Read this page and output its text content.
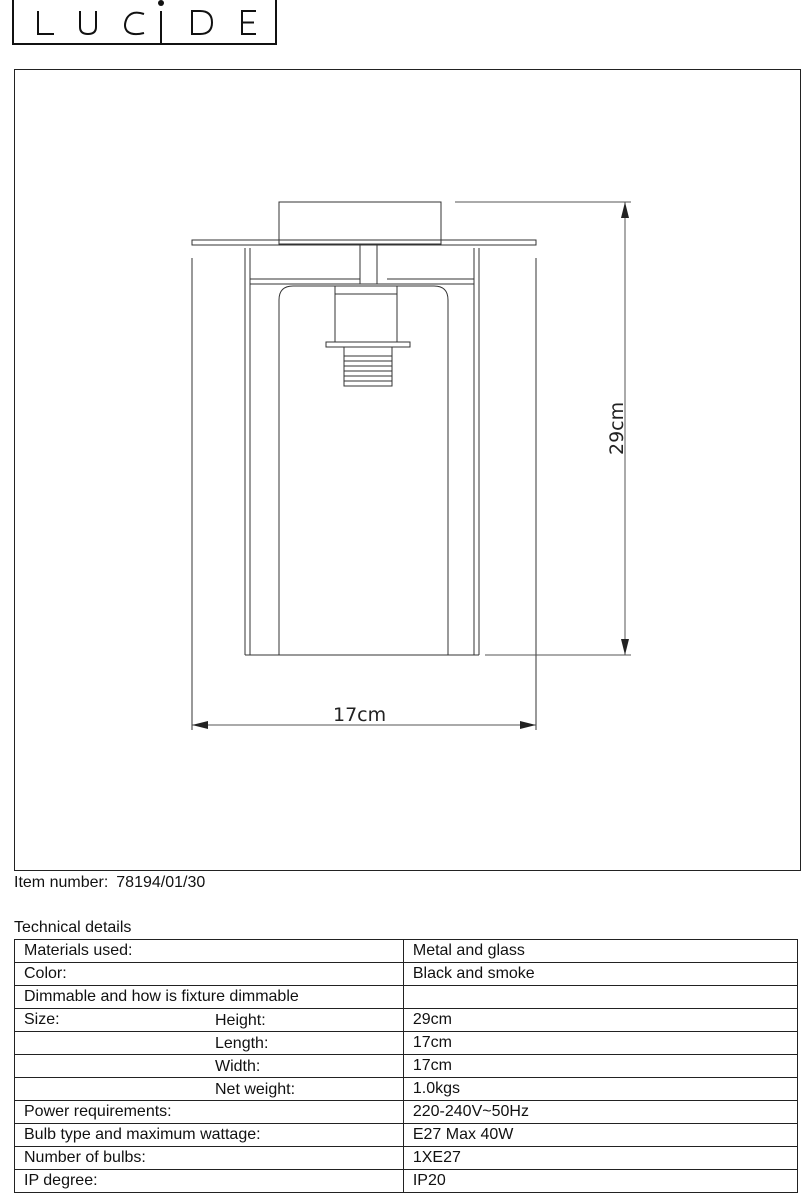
29cm
17cm
Item number: 78194/01/30
Technical details
Materials used:	Metal and glass
Color:	Black and smoke
Dimmable and how is fixture dimmable

Size: Height:	29cm

Length:	17cm

Width:	17cm

Net weight:	1.0kgs
Power requirements:	220-240V~50Hz
Bulb type and maximum wattage:	E27 Max 40W
Number of bulbs:	1XE27
IP degree:	IP20
